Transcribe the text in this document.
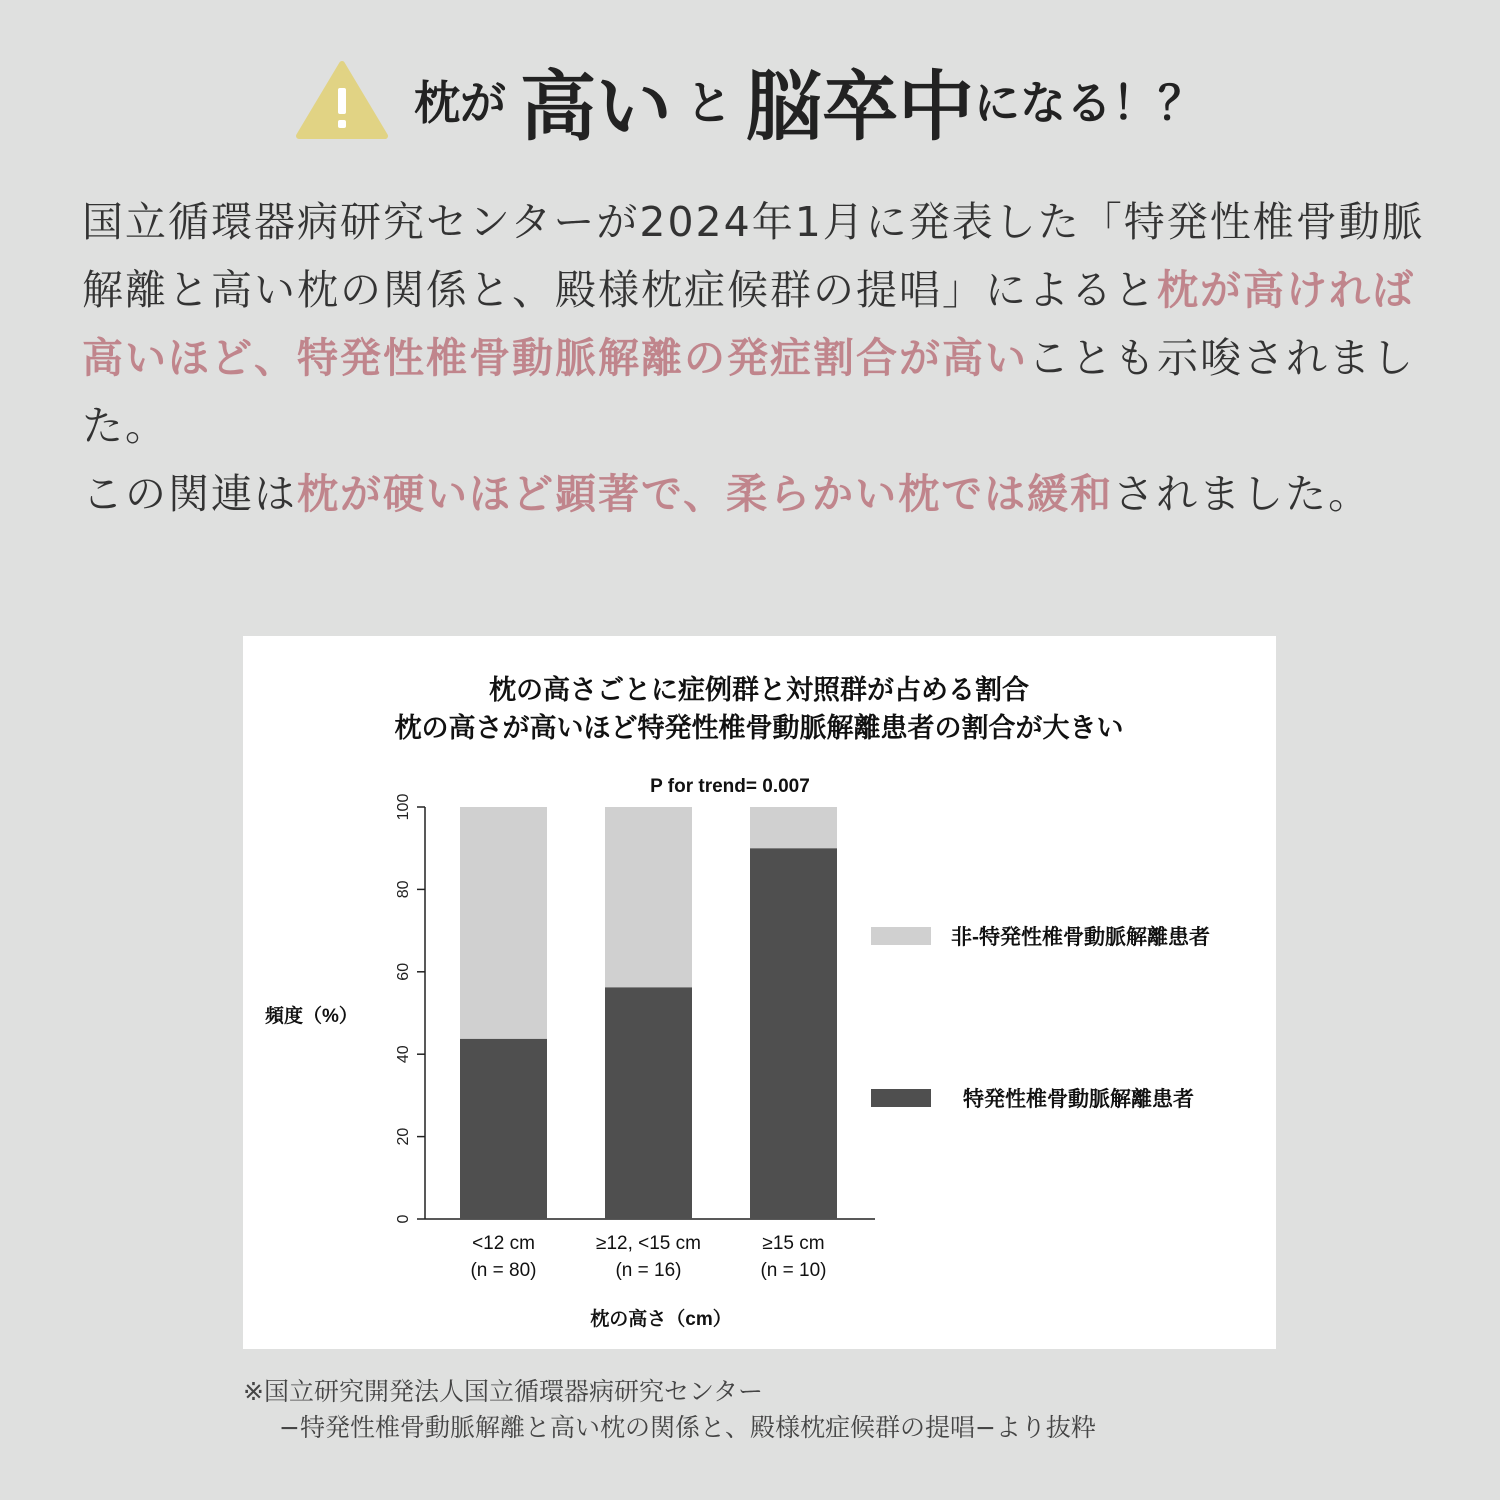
枕が 高い と 脳卒中 になる！？

国立循環器病研究センターが2024年1月に発表した「特発性椎骨動脈解離と高い枕の関係と、殿様枕症候群の提唱」によると枕が高ければ高いほど、特発性椎骨動脈解離の発症割合が高いことも示唆されました。

この関連は枕が硬いほど顕著で、柔らかい枕では緩和されました。

枕の高さごとに症例群と対照群が占める割合
枕の高さが高いほど特発性椎骨動脈解離患者の割合が大きい
P for trend= 0.007
頻度（%）
枕の高さ（cm）
0
20
40
60
80
100
<12 cm
(n = 80)
≥12, <15 cm
(n = 16)
≥15 cm
(n = 10)
非-特発性椎骨動脈解離患者
特発性椎骨動脈解離患者

※国立研究開発法人国立循環器病研究センター

−特発性椎骨動脈解離と高い枕の関係と、殿様枕症候群の提唱−より抜粋
